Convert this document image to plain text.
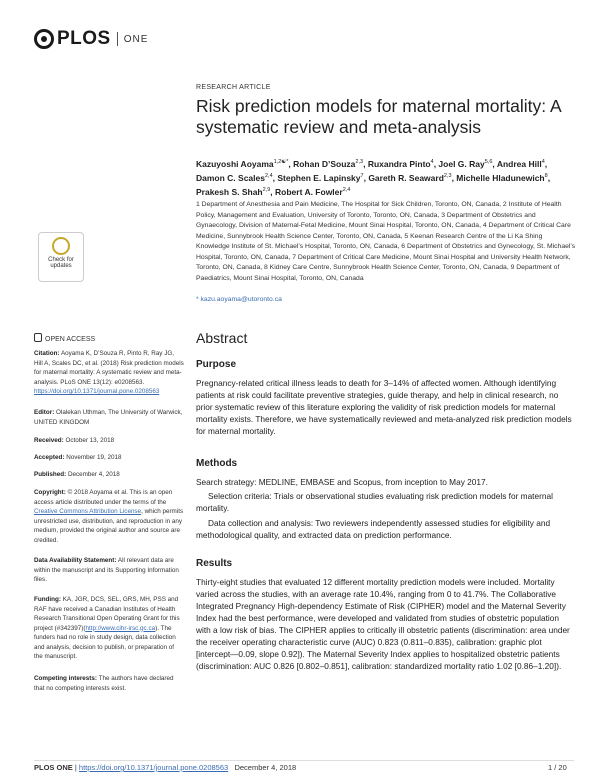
PLOS ONE
RESEARCH ARTICLE
Risk prediction models for maternal mortality: A systematic review and meta-analysis
Kazuyoshi Aoyama$^{1,2☯*}$, Rohan D’Souza$^{2,3}$, Ruxandra Pinto$^4$, Joel G. Ray$^{5,6}$, Andrea Hill$^4$, Damon C. Scales$^{2,4}$, Stephen E. Lapinsky$^7$, Gareth R. Seaward$^{2,3}$, Michelle Hladunewich$^8$, Prakesh S. Shah$^{2,9}$, Robert A. Fowler$^{2,4}$
1 Department of Anesthesia and Pain Medicine, The Hospital for Sick Children, Toronto, ON, Canada, 2 Institute of Health Policy, Management and Evaluation, University of Toronto, Toronto, ON, Canada, 3 Department of Obstetrics and Gynaecology, Division of Maternal-Fetal Medicine, Mount Sinai Hospital, Toronto, ON, Canada, 4 Department of Critical Care Medicine, Sunnybrook Health Science Center, Toronto, ON, Canada, 5 Keenan Research Centre of the Li Ka Shing Knowledge Institute of St. Michael’s Hospital, Toronto, ON, Canada, 6 Department of Obstetrics and Gynecology, St. Michael’s Hospital, Toronto, ON, Canada, 7 Department of Critical Care Medicine, Mount Sinai Hospital and University Health Network, Toronto, ON, Canada, 8 Kidney Care Centre, Sunnybrook Health Science Center, Toronto, ON, Canada, 9 Department of Paediatrics, Mount Sinai Hospital, Toronto, ON, Canada
* kazu.aoyama@utoronto.ca
Check for
updates
OPEN ACCESS
Citation: Aoyama K, D’Souza R, Pinto R, Ray JG, Hill A, Scales DC, et al. (2018) Risk prediction models for maternal mortality: A systematic review and meta-analysis. PLoS ONE 13(12): e0208563. https://doi.org/10.1371/journal.pone.0208563
Editor: Olalekan Uthman, The University of Warwick, UNITED KINGDOM
Received: October 13, 2018
Accepted: November 19, 2018
Published: December 4, 2018
Copyright: © 2018 Aoyama et al. This is an open access article distributed under the terms of the Creative Commons Attribution License, which permits unrestricted use, distribution, and reproduction in any medium, provided the original author and source are credited.
Data Availability Statement: All relevant data are within the manuscript and its Supporting Information files.
Funding: KA, JGR, DCS, SEL, GRS, MH, PSS and RAF have received a Canadian Institutes of Health Research Transitional Open Operating Grant for this project (#342397)(http://www.cihr-irsc.gc.ca). The funders had no role in study design, data collection and analysis, decision to publish, or preparation of the manuscript.
Competing interests: The authors have declared that no competing interests exist.
Abstract
Purpose
Pregnancy-related critical illness leads to death for 3–14% of affected women. Although identifying patients at risk could facilitate preventive strategies, guide therapy, and help in clinical research, no prior systematic review of this literature exploring the validity of risk prediction models for maternal mortality exists. Therefore, we have systematically reviewed and meta-analyzed risk prediction models for maternal mortality.
Methods
Search strategy: MEDLINE, EMBASE and Scopus, from inception to May 2017.
Selection criteria: Trials or observational studies evaluating risk prediction models for maternal mortality.
Data collection and analysis: Two reviewers independently assessed studies for eligibility and methodological quality, and extracted data on prediction performance.
Results
Thirty-eight studies that evaluated 12 different mortality prediction models were included. Mortality varied across the studies, with an average rate 10.4%, ranging from 0 to 41.7%. The Collaborative Integrated Pregnancy High-dependency Estimate of Risk (CIPHER) model and the Maternal Severity Index had the best performance, were developed and validated from studies of obstetric population with a low risk of bias. The CIPHER applies to critically ill obstetric patients (discrimination: area under the receiver operating characteristic curve (AUC) 0.823 (0.811–0.835), calibration: graphic plot [intercept—0.09, slope 0.92]). The Maternal Severity Index applies to hospitalized obstetric patients (discrimination: AUC 0.826 [0.802–0.851], calibration: standardized mortality ratio 1.02 [0.86–1.20]).
PLOS ONE | https://doi.org/10.1371/journal.pone.0208563 December 4, 2018	1 / 20
